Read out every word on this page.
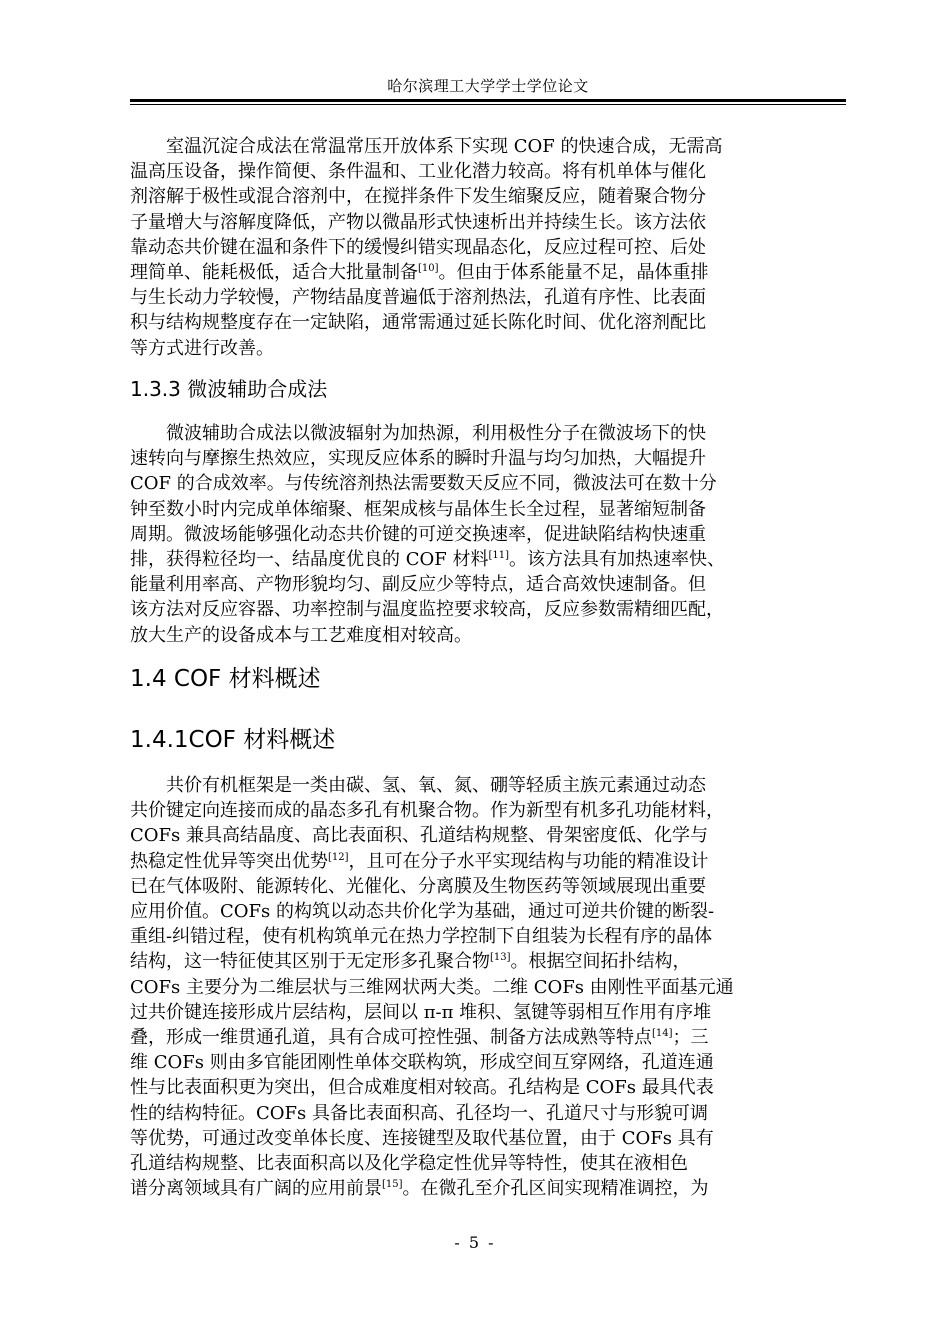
哈尔滨理工大学学士学位论文
　　室温沉淀合成法在常温常压开放体系下实现 COF 的快速合成，无需高
温高压设备，操作简便、条件温和、工业化潜力较高。将有机单体与催化
剂溶解于极性或混合溶剂中，在搅拌条件下发生缩聚反应，随着聚合物分
子量增大与溶解度降低，产物以微晶形式快速析出并持续生长。该方法依
靠动态共价键在温和条件下的缓慢纠错实现晶态化，反应过程可控、后处
理简单、能耗极低，适合大批量制备[10]。但由于体系能量不足，晶体重排
与生长动力学较慢，产物结晶度普遍低于溶剂热法，孔道有序性、比表面
积与结构规整度存在一定缺陷，通常需通过延长陈化时间、优化溶剂配比
等方式进行改善。
1.3.3 微波辅助合成法
　　微波辅助合成法以微波辐射为加热源，利用极性分子在微波场下的快
速转向与摩擦生热效应，实现反应体系的瞬时升温与均匀加热，大幅提升
COF 的合成效率。与传统溶剂热法需要数天反应不同，微波法可在数十分
钟至数小时内完成单体缩聚、框架成核与晶体生长全过程，显著缩短制备
周期。微波场能够强化动态共价键的可逆交换速率，促进缺陷结构快速重
排，获得粒径均一、结晶度优良的 COF 材料[11]。该方法具有加热速率快、
能量利用率高、产物形貌均匀、副反应少等特点，适合高效快速制备。但
该方法对反应容器、功率控制与温度监控要求较高，反应参数需精细匹配，
放大生产的设备成本与工艺难度相对较高。
1.4 COF 材料概述
1.4.1COF 材料概述
　　共价有机框架是一类由碳、氢、氧、氮、硼等轻质主族元素通过动态
共价键定向连接而成的晶态多孔有机聚合物。作为新型有机多孔功能材料，
COFs 兼具高结晶度、高比表面积、孔道结构规整、骨架密度低、化学与
热稳定性优异等突出优势[12]，且可在分子水平实现结构与功能的精准设计
已在气体吸附、能源转化、光催化、分离膜及生物医药等领域展现出重要
应用价值。COFs 的构筑以动态共价化学为基础，通过可逆共价键的断裂-
重组-纠错过程，使有机构筑单元在热力学控制下自组装为长程有序的晶体
结构，这一特征使其区别于无定形多孔聚合物[13]。根据空间拓扑结构，
COFs 主要分为二维层状与三维网状两大类。二维 COFs 由刚性平面基元通
过共价键连接形成片层结构，层间以 π-π 堆积、氢键等弱相互作用有序堆
叠，形成一维贯通孔道，具有合成可控性强、制备方法成熟等特点[14]；三
维 COFs 则由多官能团刚性单体交联构筑，形成空间互穿网络，孔道连通
性与比表面积更为突出，但合成难度相对较高。孔结构是 COFs 最具代表
性的结构特征。COFs 具备比表面积高、孔径均一、孔道尺寸与形貌可调
等优势，可通过改变单体长度、连接键型及取代基位置，由于 COFs 具有
孔道结构规整、比表面积高以及化学稳定性优异等特性，使其在液相色
谱分离领域具有广阔的应用前景[15]。在微孔至介孔区间实现精准调控，为
- 5 -
